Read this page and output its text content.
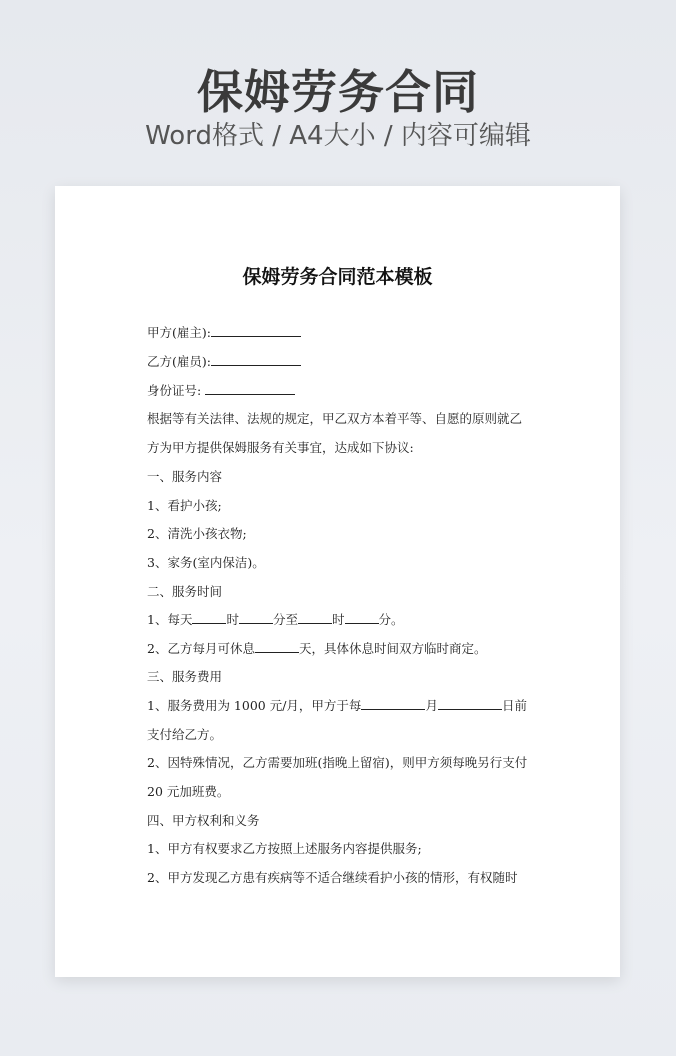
保姆劳务合同
Word格式 / A4大小 / 内容可编辑
保姆劳务合同范本模板
甲方(雇主):
乙方(雇员):
身份证号:
根据等有关法律、法规的规定，甲乙双方本着平等、自愿的原则就乙
方为甲方提供保姆服务有关事宜，达成如下协议:
一、服务内容
1、看护小孩;
2、清洗小孩衣物;
3、家务(室内保洁)。
二、服务时间
1、每天	时	分至	时	分。
2、乙方每月可休息	天，具体休息时间双方临时商定。
三、服务费用
1、服务费用为 1000 元/月，甲方于每	月	日前
支付给乙方。
2、因特殊情况，乙方需要加班(指晚上留宿)，则甲方须每晚另行支付
20 元加班费。
四、甲方权利和义务
1、甲方有权要求乙方按照上述服务内容提供服务;
2、甲方发现乙方患有疾病等不适合继续看护小孩的情形，有权随时
